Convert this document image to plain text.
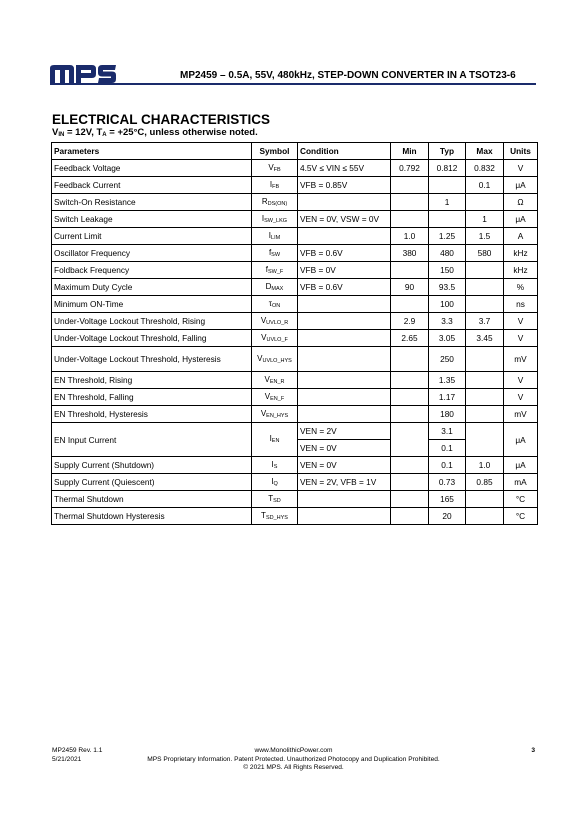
MP2459 – 0.5A, 55V, 480kHz, STEP-DOWN CONVERTER IN A TSOT23-6
ELECTRICAL CHARACTERISTICS
$V_{IN} = 12V$, $T_A = +25^\circ C$, unless otherwise noted.
Parameters	Symbol	Condition	Min	Typ	Max	Units
Feedback Voltage	VFB	4.5V ≤ VIN ≤ 55V	0.792	0.812	0.832	V
Feedback Current	IFB	VFB = 0.85V			0.1	μA
Switch-On Resistance	RDS(ON)			1		Ω
Switch Leakage	ISW_LKG	VEN = 0V, VSW = 0V			1	μA
Current Limit	ILIM		1.0	1.25	1.5	A
Oscillator Frequency	fSW	VFB = 0.6V	380	480	580	kHz
Foldback Frequency	fSW_F	VFB = 0V		150		kHz
Maximum Duty Cycle	DMAX	VFB = 0.6V	90	93.5		%
Minimum ON-Time	τON			100		ns
Under-Voltage Lockout Threshold, Rising	VUVLO_R		2.9	3.3	3.7	V
Under-Voltage Lockout Threshold, Falling	VUVLO_F		2.65	3.05	3.45	V
Under-Voltage Lockout Threshold, Hysteresis	VUVLO_HYS			250		mV
EN Threshold, Rising	VEN_R			1.35		V
EN Threshold, Falling	VEN_F			1.17		V
EN Threshold, Hysteresis	VEN_HYS			180		mV
EN Input Current	IEN	VEN = 2V		3.1		μA
		VEN = 0V		0.1		
Supply Current (Shutdown)	IS	VEN = 0V		0.1	1.0	μA
Supply Current (Quiescent)	IQ	VEN = 2V, VFB = 1V		0.73	0.85	mA
Thermal Shutdown	TSD			165		°C
Thermal Shutdown Hysteresis	TSD_HYS			20		°C
MP2459 Rev. 1.1
5/21/2021
www.MonolithicPower.com
MPS Proprietary Information. Patent Protected. Unauthorized Photocopy and Duplication Prohibited.
© 2021 MPS. All Rights Reserved.
3
